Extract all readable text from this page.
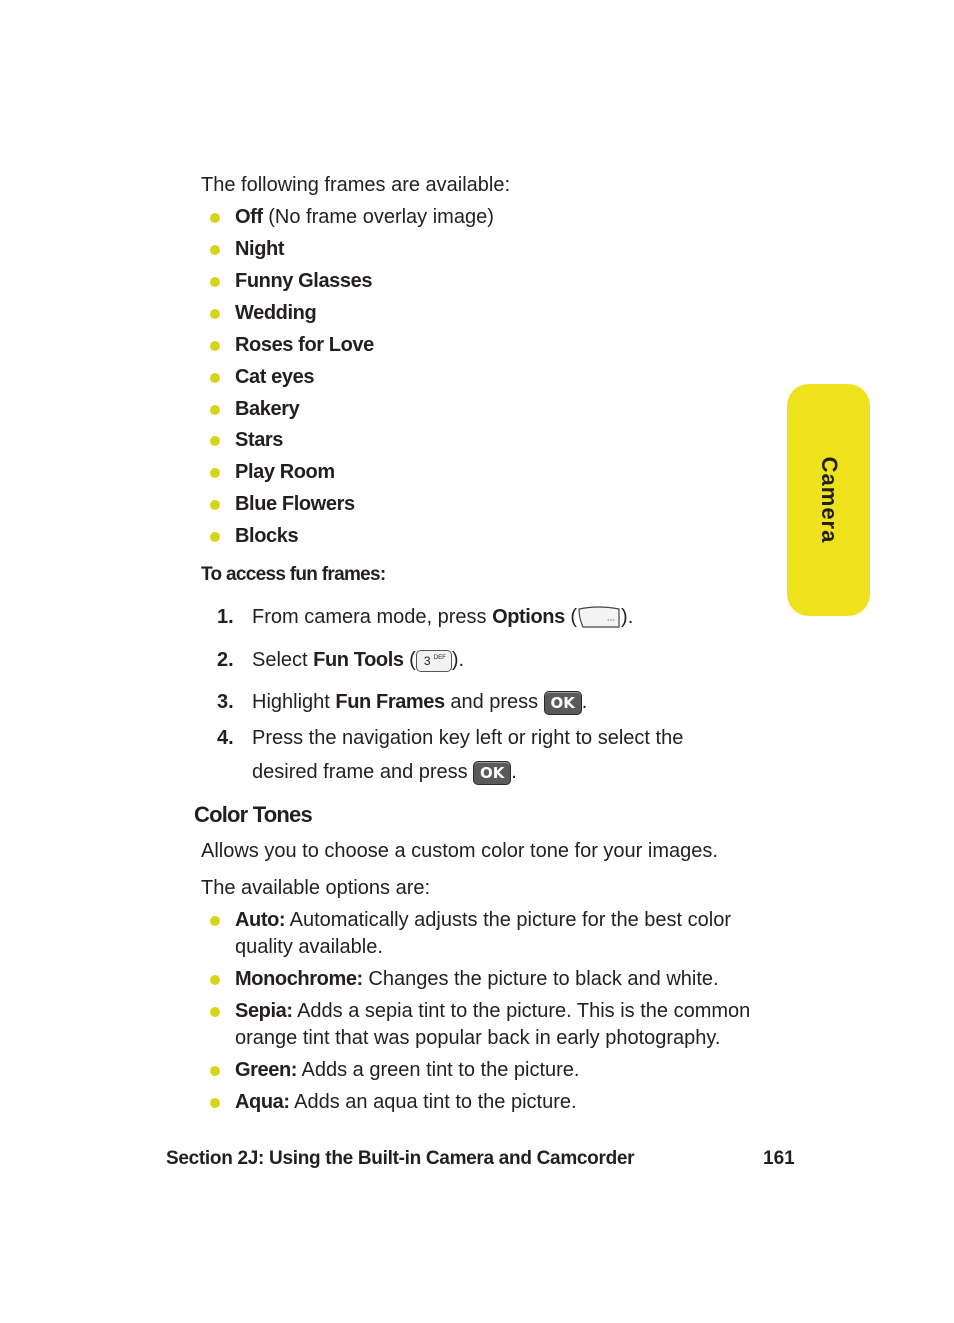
The following frames are available:
Off (No frame overlay image)
Night
Funny Glasses
Wedding
Roses for Love
Cat eyes
Bakery
Stars
Play Room
Blue Flowers
Blocks
To access fun frames:
1. From camera mode, press Options (	··· ).
2. Select Fun Tools ( 3 DEF ).
3. Highlight Fun Frames and press OK .
4. Press the navigation key left or right to select the
desired frame and press OK .
Color Tones
Allows you to choose a custom color tone for your images.
The available options are:
Auto: Automatically adjusts the picture for the best color
quality available.
Monochrome: Changes the picture to black and white.
Sepia: Adds a sepia tint to the picture. This is the common
orange tint that was popular back in early photography.
Green: Adds a green tint to the picture.
Aqua: Adds an aqua tint to the picture.
Section 2J: Using the Built-in Camera and Camcorder	161
Camera
